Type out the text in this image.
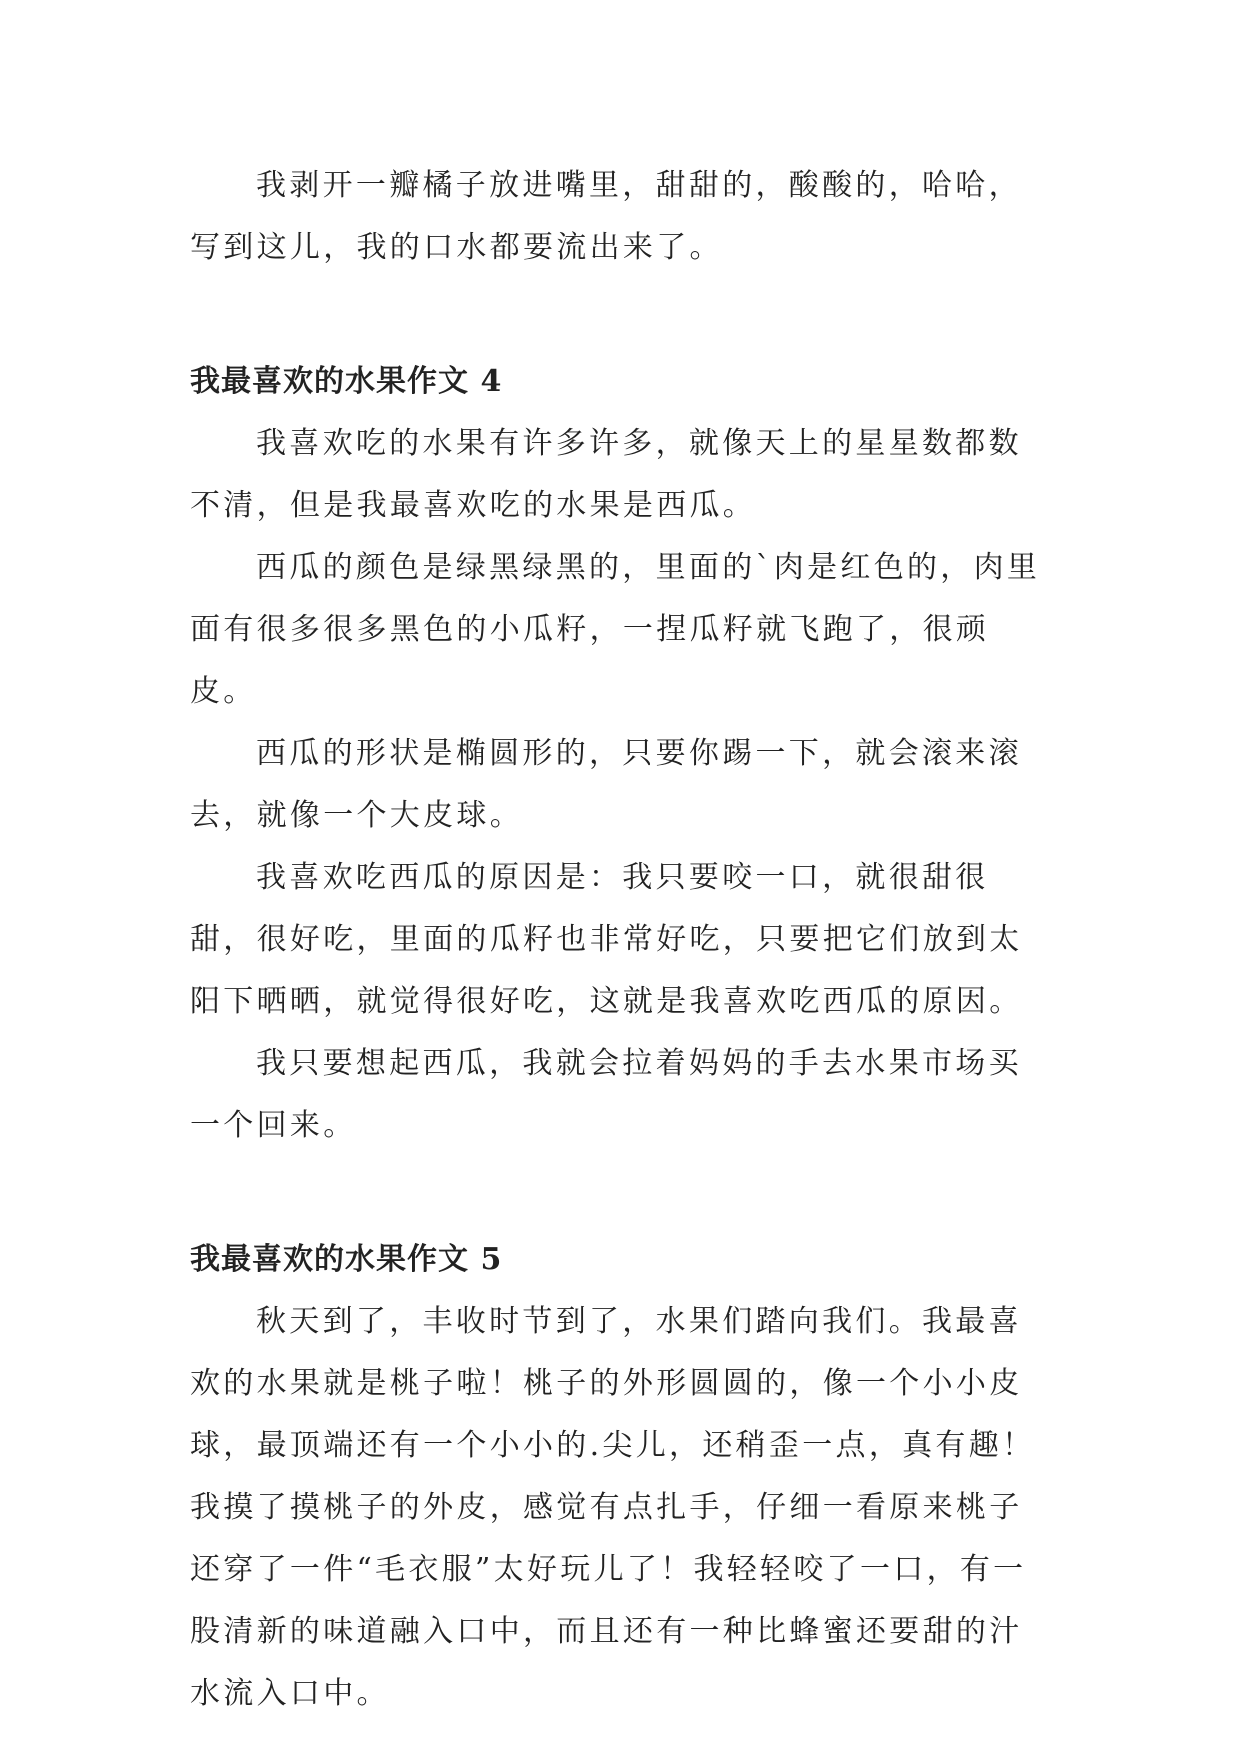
我剥开一瓣橘子放进嘴里，甜甜的，酸酸的，哈哈，写到这儿，我的口水都要流出来了。

我最喜欢的水果作文 4

我喜欢吃的水果有许多许多，就像天上的星星数都数不清，但是我最喜欢吃的水果是西瓜。

西瓜的颜色是绿黑绿黑的，里面的`肉是红色的，肉里面有很多很多黑色的小瓜籽，一捏瓜籽就飞跑了，很顽皮。

西瓜的形状是椭圆形的，只要你踢一下，就会滚来滚去，就像一个大皮球。

我喜欢吃西瓜的原因是：我只要咬一口，就很甜很甜，很好吃，里面的瓜籽也非常好吃，只要把它们放到太阳下晒晒，就觉得很好吃，这就是我喜欢吃西瓜的原因。

我只要想起西瓜，我就会拉着妈妈的手去水果市场买一个回来。

我最喜欢的水果作文 5

秋天到了，丰收时节到了，水果们踏向我们。我最喜欢的水果就是桃子啦！桃子的外形圆圆的，像一个小小皮球，最顶端还有一个小小的.尖儿，还稍歪一点，真有趣！我摸了摸桃子的外皮，感觉有点扎手，仔细一看原来桃子还穿了一件“毛衣服”太好玩儿了！我轻轻咬了一口，有一股清新的味道融入口中，而且还有一种比蜂蜜还要甜的汁水流入口中。
